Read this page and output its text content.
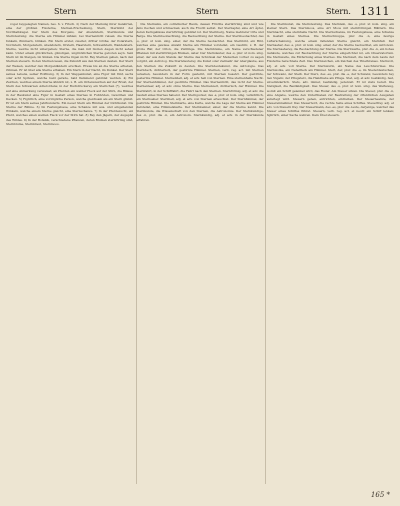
Stern	Stern	Stern. 1311

vogel beygelegten Namen, bes. S. v. Frisch. 2) Nach der Meinung ihrer Gelehrten, eine der größten Fixsterne, Sternen-Erscheinung, Stern, Sternbild der Nordhalbkugel. Der Stern des Morgens, der Abendstern, Sternkunde und Sterndeutung; die Sterne am Himmel zählen; bei Sternenlicht reisen; die Sterne funkeln, flimmern, blinken. Ein Stern erster, zweiter, dritter Größe; der Polarstern, Nordstern, Morgenstern, Abendstern, Irrstern, Haarstern, Schweifstern, Wandelstern. Sterne, welche nicht untergehen; Sterne, die man mit bloßen Augen nicht sehen kann. Unter einem glücklichen, günstigen, unglücklichen Sterne geboren seyn. Sein Stern ist im Steigen, im Sinken. Die Sterne lügen nicht. Bey Sternen gehen, nach den Sternen steuern. In den Sternen lesen, die Zukunft aus den Sternen deuten. Der Stern der Weisen, welcher den Morgenländern erschien. Etwas bis an die Sterne erheben, rühmen. Er ist über alle Sterne erhaben. Ein Stern in der Nacht, im Dunkel. Der Stern seines Lebens, seiner Hoffnung. 3) In der Wappenkunst, eine Figur mit fünf, sechs oder acht Spitzen, welche bald gerade, bald flammend gebildet werden. 4) Ein Zeichen, welches einem Sterne ähnlich ist, z. B. ein Ordenszeichen auf der Brust, der Stern des Schwarzen Adlerordens; in der Buchdruckerey ein Sternchen (*), welches auf eine Anmerkung verweiset; an Pferden ein weißer Fleck auf der Stirn, die Blässe; in der Baukunst eine Figur in Gestalt eines Sternes in Fußböden, Gewölben und Decken. 5) Figürlich, eine vorzügliche Person, welche gleichsam als ein Stern glänzt. Er ist ein Stern seines Jahrhunderts. Ein neuer Stern am Himmel der Dichtkunst. Die Sterne der Bühne. 6) Im Festungsbaue, eine Schanze mit aus- und eingehenden Winkeln, welche einem Sterne gleicht, eine Sternschanze. 7) In der Pferdezucht, ein Pferd, welches einen weißen Fleck vor der Stirn hat. 8) Bey den Jägern, der Augapfel des Wildes. 9) In der Botanik, verschiedene Pflanzen, deren Blumen sternförmig sind, Sternblume, Sternkraut, Sternmoos.

Die Sternanis, ein ostindischer Baum, dessen Früchte sternförmig sind und wie Anis riechen und schmecken; auch die Frucht selbst. Der Sternapfel, eine Art Äpfel, deren Kerngehäuse sternförmig gebildet ist. Der Sternberg, Name mehrerer Orte und Berge. Die Sternbeobachtung, die Beobachtung der Sterne. Der Sternbeobachter, des -s, plur. ut nom. sing. einer, der die Sterne beobachtet. Das Sternbild, ein Bild, welches eine gewisse Anzahl Sterne am Himmel vorstellet, ein Gestirn; z. B. der große Bär, der Orion, die Zwillinge. Die Sternblume, ein Name verschiedener Pflanzen mit sternförmigen Blumen, Aster. Der Sterndeuter, des -s, plur. ut nom. sing. einer, der aus dem Stande der Sterne das Schicksal der Menschen vorher zu sagen vorgibt, ein Astrolog. Die Sterndeuterey, die Kunst oder vielmehr der Aberglaube, aus den Sternen die Zukunft zu deuten. Die Sterndeutekunst, die Astrologie. Das Sterndach, dichterisch, der gestirnte Himmel. Sternen, verb. reg. act. mit Sternen versehen, besonders in der Form gesternt, mit Sternen besetzt. Der gestirnte, gesternte Himmel. Sternenhell, adj. et adv. hell von Sternen. Eine sternenhelle Nacht. Der Sternenhimmel, der gestirnte Himmel. Das Sternenlicht, das Licht der Sterne. Sternenleer, adj. et adv. ohne Sterne. Das Sternenzelt, dichterisch, der Himmel. Die Sternfahrt, in der Schifffahrt, die Fahrt nach den Sternen. Sternförmig, adj. et adv. die Gestalt eines Sternes habend. Der Sterngucker, des -s, plur. ut nom. sing. verächtlich, ein Sternseher. Sternhell, adj. et adv. von Sternen erleuchtet. Der Sternhimmel, der gestirnte Himmel. Die Sternkarte, eine Karte, welche die Lage der Sterne am Himmel darstellet, eine Himmelskarte. Der Sternkenner, einer, der die Sterne kennt. Die Sternkunde, die Wissenschaft von den Sternen, die Astronomie. Der Sternkundige, des -n, plur. die -n, ein Astronom. Sternkundig, adj. et adv. in der Sternkunde erfahren.

Die Sternkunst, die Sterndeutung. Das Sternlein, des -s, plur. ut nom. sing. ein kleiner Stern. Das Sternmoos, eine Art Moos mit sternförmigen Blättern. Die Sternnacht, eine sternhelle Nacht. Die Sternschanze, im Festungsbaue, eine Schanze in Gestalt eines Sternes. Die Sternschnuppe, plur. die -n, eine feurige Lufterscheinung, welche einem fallenden Sterne gleicht, ein Sternfall. Der Sternseher, des -s, plur. ut nom. sing. einer, der die Sterne beobachtet, ein Astronom. Die Sternseherey, die Beobachtung der Sterne. Die Sternwarte, plur. die -n, ein hohes Gebäude, welches zur Beobachtung der Sterne eingerichtet ist, ein Observatorium. Die Sternweite, die Entfernung eines Sternes. Die Sternzeit, die nach dem Laufe der Fixsterne berechnete Zeit. Das Sternzeichen, ein Zeichen des Thierkreises. Sternvoll, adj. et adv. voll Sterne. Der Sternwurm, ein Name des Leuchtwurmes. Die Sternwolke, ein Nebelfleck am Himmel. Stert, der, plur. die -e, im Niederdeutschen, der Schwanz, der Steiß. Der Sterz, des -es, plur. die -e, der Schwanz, besonders bey den Vögeln; der Pflugsterz, die Handhabe am Pfluge. Stet, adj. et adv. beständig, fest, unveränderlich. Stets, adv. immer, beständig, jederzeit. Er ist stets bereit. Die Stetigkeit, die Beständigkeit. Das Steuer, des -s, plur. ut nom. sing. das Werkzeug, womit ein Schiff gelenket wird, das Ruder. Am Steuer sitzen. Die Steuer, plur. die -n, eine Abgabe, welche den Unterthanen zur Bestreitung der öffentlichen Ausgaben auferlegt wird. Steuern geben, entrichten, eintreiben. Der Steuerbeamte, der Steuereinnehmer. Das Steuerbord, die rechte Seite eines Schiffes. Steuerfrey, adj. et adv. von Steuern frey. Der Steuermann, des -es, plur. die -leute, derjenige, welcher das Steuer eines Schiffes führet. Steuern, verb. reg. act. et neutr. ein Schiff lenken; figürlich, einer Sache wehren. Dem Übel steuern.

165 *
